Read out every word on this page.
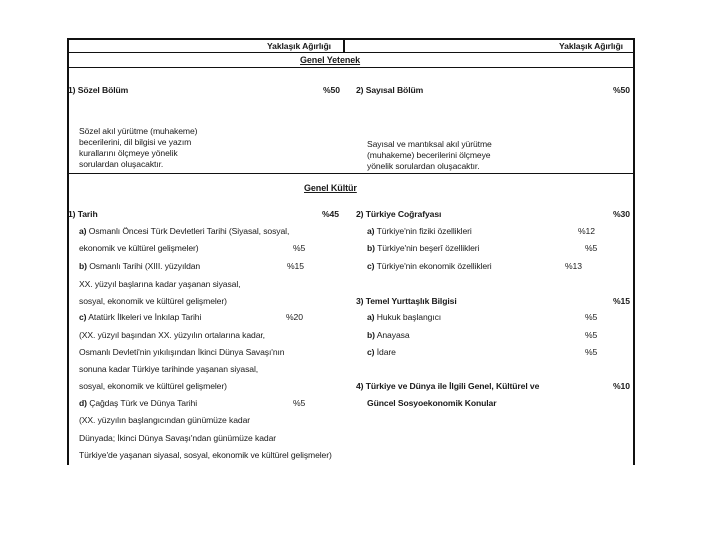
Yaklaşık Ağırlığı	Yaklaşık Ağırlığı
Genel Yetenek
1) Sözel Bölüm	%50 2) Sayısal Bölüm	%50
Sözel akıl yürütme (muhakeme)
becerilerini, dil bilgisi ve yazım
kurallarını ölçmeye yönelik
sorulardan oluşacaktır.
Sayısal ve mantıksal akıl yürütme
(muhakeme) becerilerini ölçmeye
yönelik sorulardan oluşacaktır.
Genel Kültür
1) Tarih	%45
a) Osmanlı Öncesi Türk Devletleri Tarihi (Siyasal, sosyal,
ekonomik ve kültürel gelişmeler)	%5
b) Osmanlı Tarihi (XIII. yüzyıldan	%15
XX. yüzyıl başlarına kadar yaşanan siyasal,
sosyal, ekonomik ve kültürel gelişmeler)
c) Atatürk İlkeleri ve İnkılap Tarihi	%20
(XX. yüzyıl başından XX. yüzyılın ortalarına kadar,
Osmanlı Devleti'nin yıkılışından İkinci Dünya Savaşı'nın
sonuna kadar Türkiye tarihinde yaşanan siyasal,
sosyal, ekonomik ve kültürel gelişmeler)
d) Çağdaş Türk ve Dünya Tarihi	%5
(XX. yüzyılın başlangıcından günümüze kadar
Dünyada; İkinci Dünya Savaşı'ndan günümüze kadar
Türkiye'de yaşanan siyasal, sosyal, ekonomik ve kültürel gelişmeler)
2) Türkiye Coğrafyası	%30
a) Türkiye'nin fiziki özellikleri	%12
b) Türkiye'nin beşerî özellikleri	%5
c) Türkiye'nin ekonomik özellikleri	%13
3) Temel Yurttaşlık Bilgisi	%15
a) Hukuk başlangıcı	%5
b) Anayasa	%5
c) İdare	%5
4) Türkiye ve Dünya ile İlgili Genel, Kültürel ve	%10
Güncel Sosyoekonomik Konular
